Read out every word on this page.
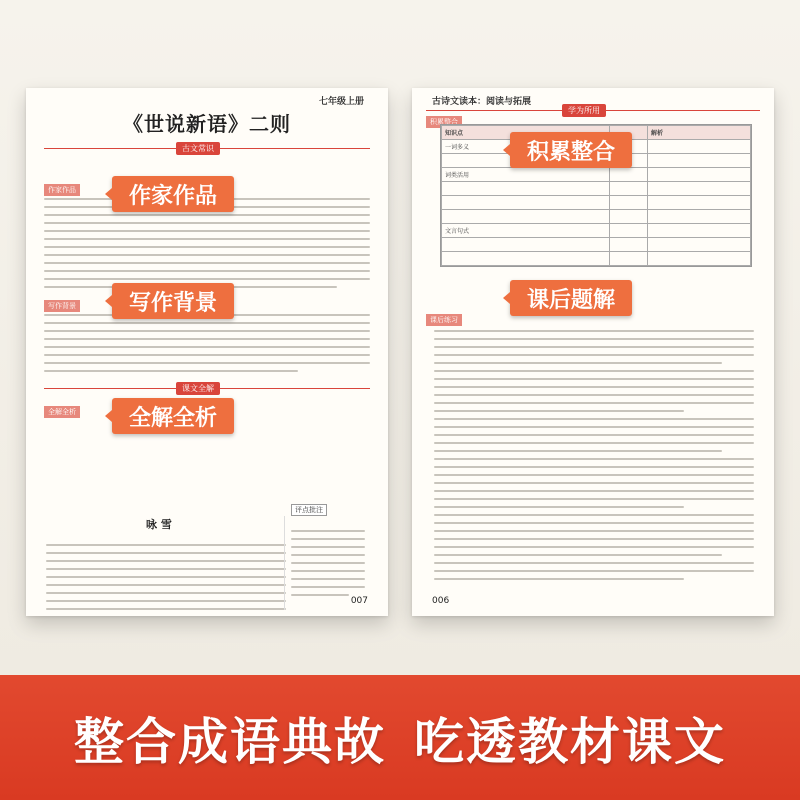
七年级上册
《世说新语》二则
古文常识
作家作品
写作背景
课文全解
全解全析
咏 雪
评点批注
007
古诗文读本：阅读与拓展
学为所用
积累整合
知识点		解析
一词多义		

词类活用		

文言句式		

课后练习
006
作家作品
写作背景
全解全析
积累整合
课后题解
整合成语典故 吃透教材课文
